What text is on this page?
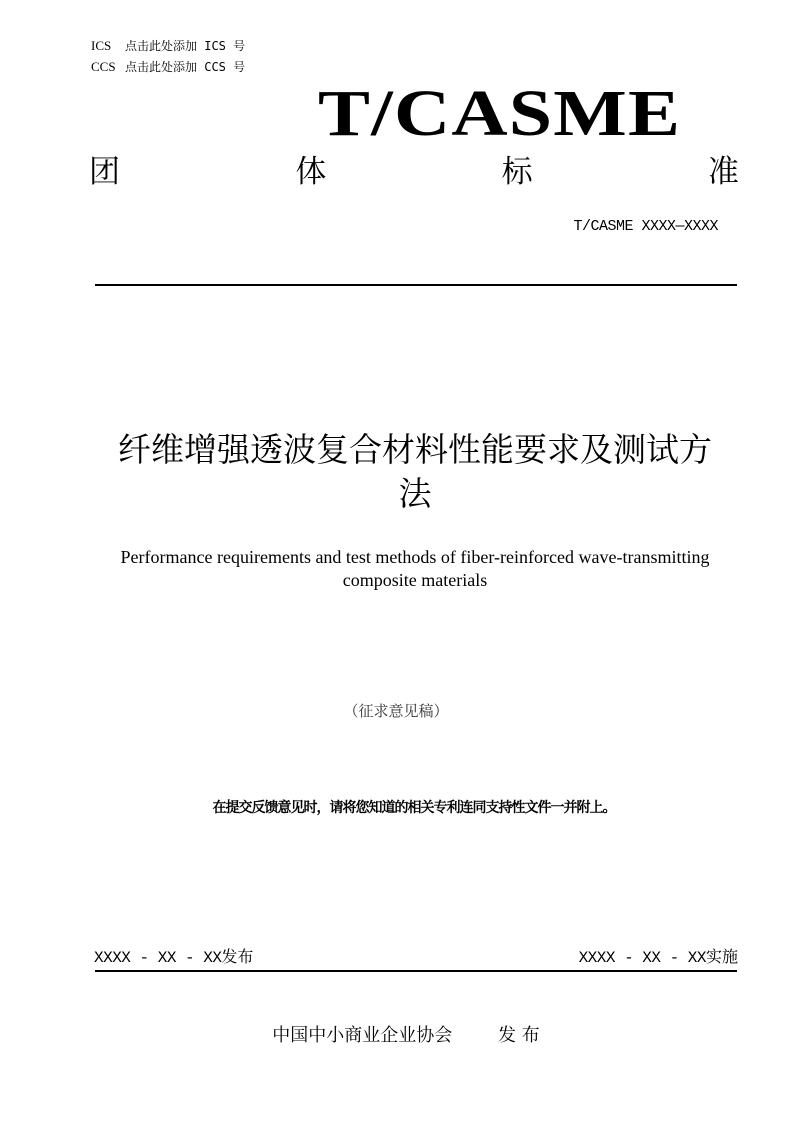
ICS 点击此处添加 ICS 号
CCS 点击此处添加 CCS 号
T/CASME
团	体	标	准
T/CASME XXXX—XXXX
纤维增强透波复合材料性能要求及测试方
法
Performance requirements and test methods of fiber-reinforced wave-transmitting
composite materials
（征求意见稿）
在提交反馈意见时，请将您知道的相关专利连同支持性文件一并附上。
XXXX - XX - XX发布	XXXX - XX - XX实施
中国中小商业企业协会	发 布
